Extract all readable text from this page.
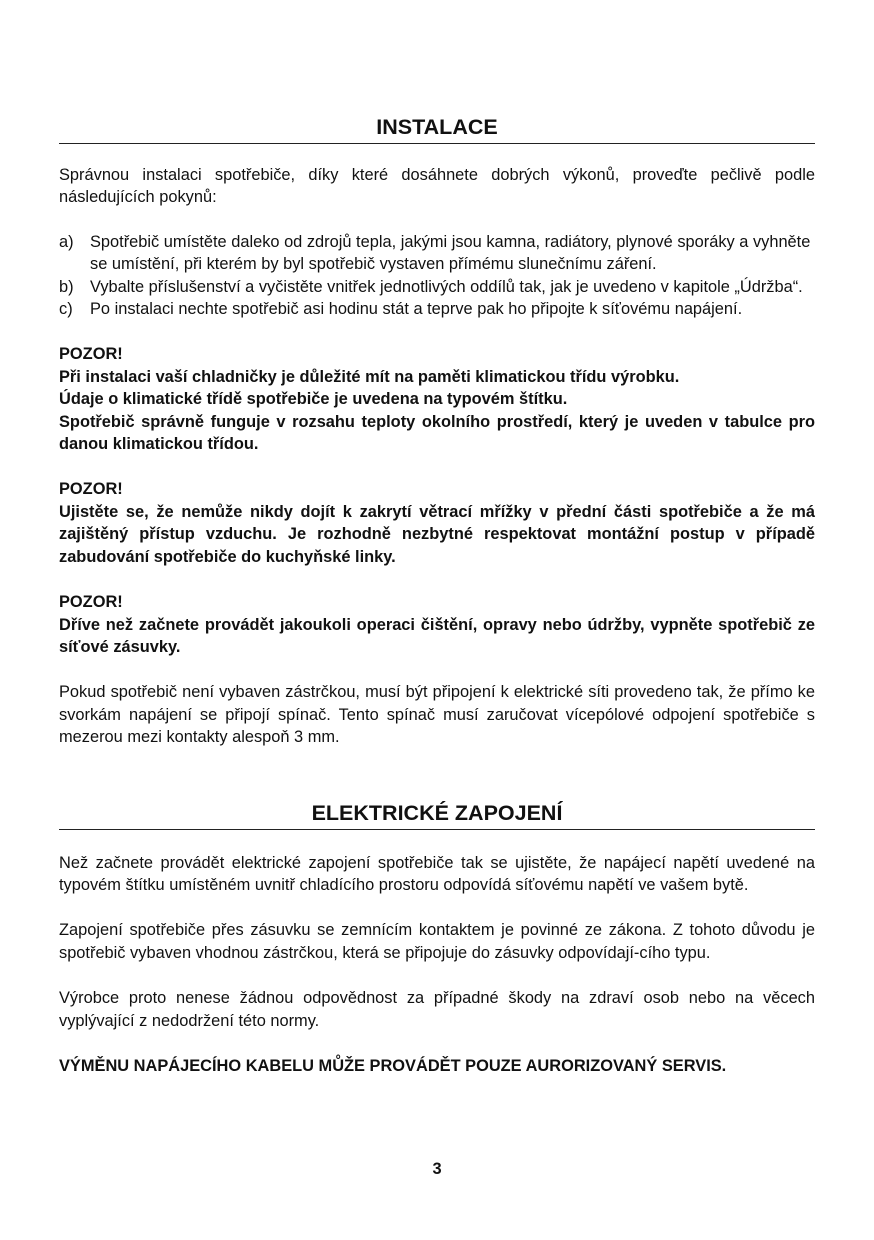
INSTALACE

Správnou instalaci spotřebiče, díky které dosáhnete dobrých výkonů, proveďte pečlivě podle následujících pokynů:

a)	Spotřebič umístěte daleko od zdrojů tepla, jakými jsou kamna, radiátory, plynové sporáky a vyhněte se umístění, při kterém by byl spotřebič vystaven přímému slunečnímu záření.
b)	Vybalte příslušenství a vyčistěte vnitřek jednotlivých oddílů tak, jak je uvedeno v kapitole „Údržba“.
c)	Po instalaci nechte spotřebič asi hodinu stát a teprve pak ho připojte k síťovému napájení.

POZOR!

Při instalaci vaší chladničky je důležité mít na paměti klimatickou třídu výrobku.

Údaje o klimatické třídě spotřebiče je uvedena na typovém štítku.

Spotřebič správně funguje v rozsahu teploty okolního prostředí, který je uveden v tabulce pro danou klimatickou třídou.

POZOR!

Ujistěte se, že nemůže nikdy dojít k zakrytí větrací mřížky v přední části spotřebiče a že má zajištěný přístup vzduchu. Je rozhodně nezbytné respektovat montážní postup v případě zabudování spotřebiče do kuchyňské linky.

POZOR!

Dříve než začnete provádět jakoukoli operaci čištění, opravy nebo údržby, vypněte spotřebič ze síťové zásuvky.

Pokud spotřebič není vybaven zástrčkou, musí být připojení k elektrické síti provedeno tak, že přímo ke svorkám napájení se připojí spínač. Tento spínač musí zaručovat vícepólové odpojení spotřebiče s mezerou mezi kontakty alespoň 3 mm.

ELEKTRICKÉ ZAPOJENÍ

Než začnete provádět elektrické zapojení spotřebiče tak se ujistěte, že napájecí napětí uvedené na typovém štítku umístěném uvnitř chladícího prostoru odpovídá síťovému napětí ve vašem bytě.

Zapojení spotřebiče přes zásuvku se zemnícím kontaktem je povinné ze zákona. Z tohoto důvodu je spotřebič vybaven vhodnou zástrčkou, která se připojuje do zásuvky odpovídají-cího typu.

Výrobce proto nenese žádnou odpovědnost za případné škody na zdraví osob nebo na věcech vyplývající z nedodržení této normy.

VÝMĚNU NAPÁJECÍHO KABELU MŮŽE PROVÁDĚT POUZE AURORIZOVANÝ SERVIS.

3
